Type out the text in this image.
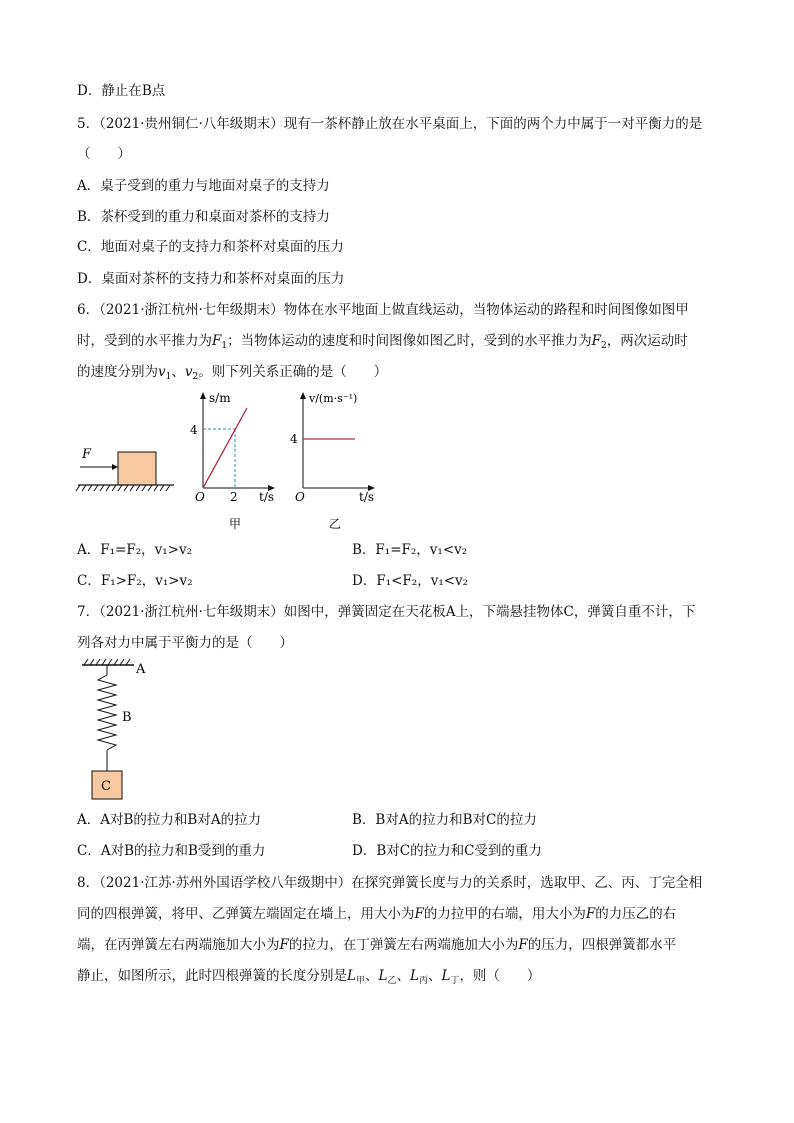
D．静止在B点
5．（2021·贵州铜仁·八年级期末）现有一茶杯静止放在水平桌面上，下面的两个力中属于一对平衡力的是
（　　）
A．桌子受到的重力与地面对桌子的支持力
B．茶杯受到的重力和桌面对茶杯的支持力
C．地面对桌子的支持力和茶杯对桌面的压力
D．桌面对茶杯的支持力和茶杯对桌面的压力
6．（2021·浙江杭州·七年级期末）物体在水平地面上做直线运动，当物体运动的路程和时间图像如图甲
时，受到的水平推力为$F_1$；当物体运动的速度和时间图像如图乙时，受到的水平推力为$F_2$，两次运动时
的速度分别为$v_1$、$v_2$。则下列关系正确的是（　　）
F
s/m
4
O 2 t/s
甲
v/(m·s⁻¹)
4
O	t/s
乙
A．F₁=F₂，v₁>v₂	B．F₁=F₂，v₁<v₂
C．F₁>F₂，v₁>v₂	D．F₁<F₂，v₁<v₂
7．（2021·浙江杭州·七年级期末）如图中，弹簧固定在天花板A上，下端悬挂物体C，弹簧自重不计，下
列各对力中属于平衡力的是（　　）
A
B
C
A．A对B的拉力和B对A的拉力	B．B对A的拉力和B对C的拉力
C．A对B的拉力和B受到的重力	D．B对C的拉力和C受到的重力
8．（2021·江苏·苏州外国语学校八年级期中）在探究弹簧长度与力的关系时，选取甲、乙、丙、丁完全相
同的四根弹簧，将甲、乙弹簧左端固定在墙上，用大小为F的力拉甲的右端，用大小为F的力压乙的右
端，在丙弹簧左右两端施加大小为F的拉力，在丁弹簧左右两端施加大小为F的压力，四根弹簧都水平
静止，如图所示，此时四根弹簧的长度分别是$L_甲$、$L_乙$、$L_丙$、$L_丁$，则（　　）
